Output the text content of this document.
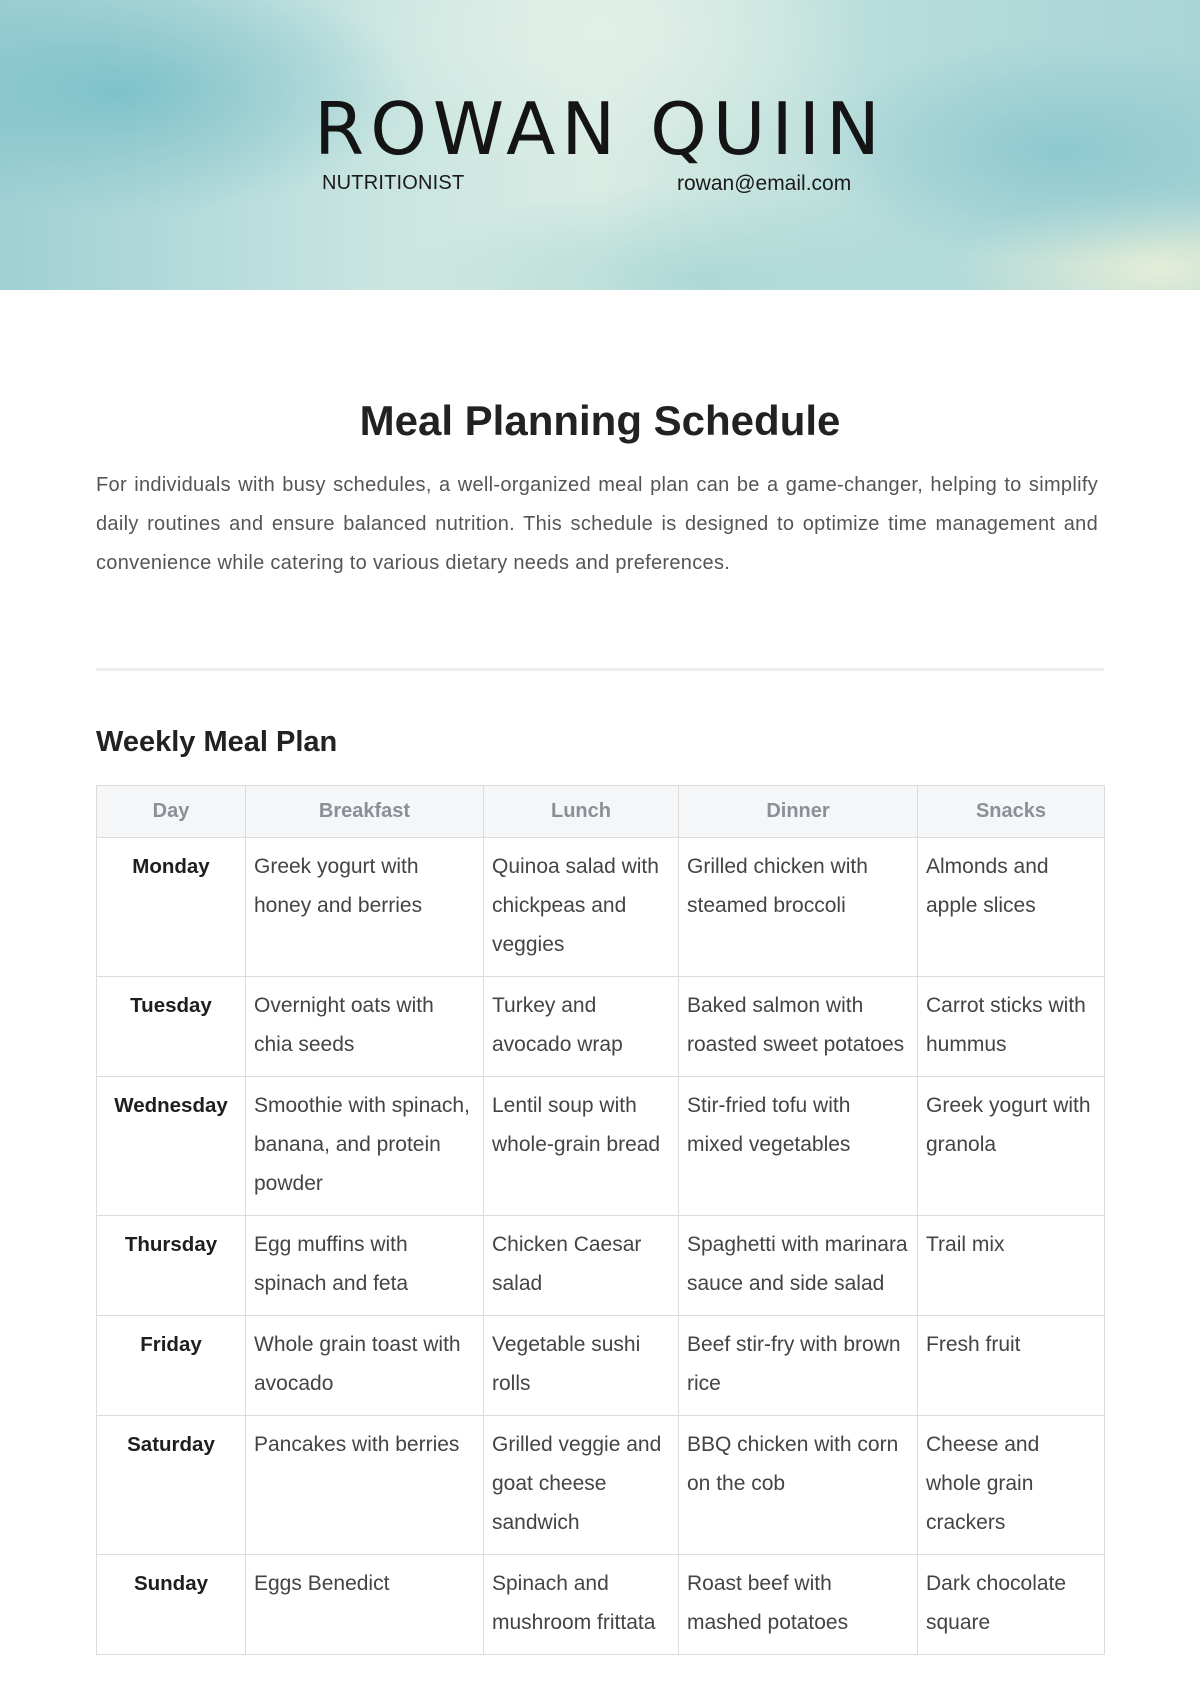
ROWAN QUIIN
NUTRITIONIST	rowan@email.com
Meal Planning Schedule
For individuals with busy schedules, a well-organized meal plan can be a game-changer, helping to simplify daily routines and ensure balanced nutrition. This schedule is designed to optimize time management and convenience while catering to various dietary needs and preferences.
Weekly Meal Plan
Day	Breakfast	Lunch	Dinner	Snacks
Monday	Greek yogurt with honey and berries	Quinoa salad with chickpeas and veggies	Grilled chicken with steamed broccoli	Almonds and apple slices
Tuesday	Overnight oats with chia seeds	Turkey and avocado wrap	Baked salmon with roasted sweet potatoes	Carrot sticks with hummus
Wednesday	Smoothie with spinach, banana, and protein powder	Lentil soup with whole-grain bread	Stir-fried tofu with mixed vegetables	Greek yogurt with granola
Thursday	Egg muffins with spinach and feta	Chicken Caesar salad	Spaghetti with marinara sauce and side salad	Trail mix
Friday	Whole grain toast with avocado	Vegetable sushi rolls	Beef stir-fry with brown rice	Fresh fruit
Saturday	Pancakes with berries	Grilled veggie and goat cheese sandwich	BBQ chicken with corn on the cob	Cheese and whole grain crackers
Sunday	Eggs Benedict	Spinach and mushroom frittata	Roast beef with mashed potatoes	Dark chocolate square
